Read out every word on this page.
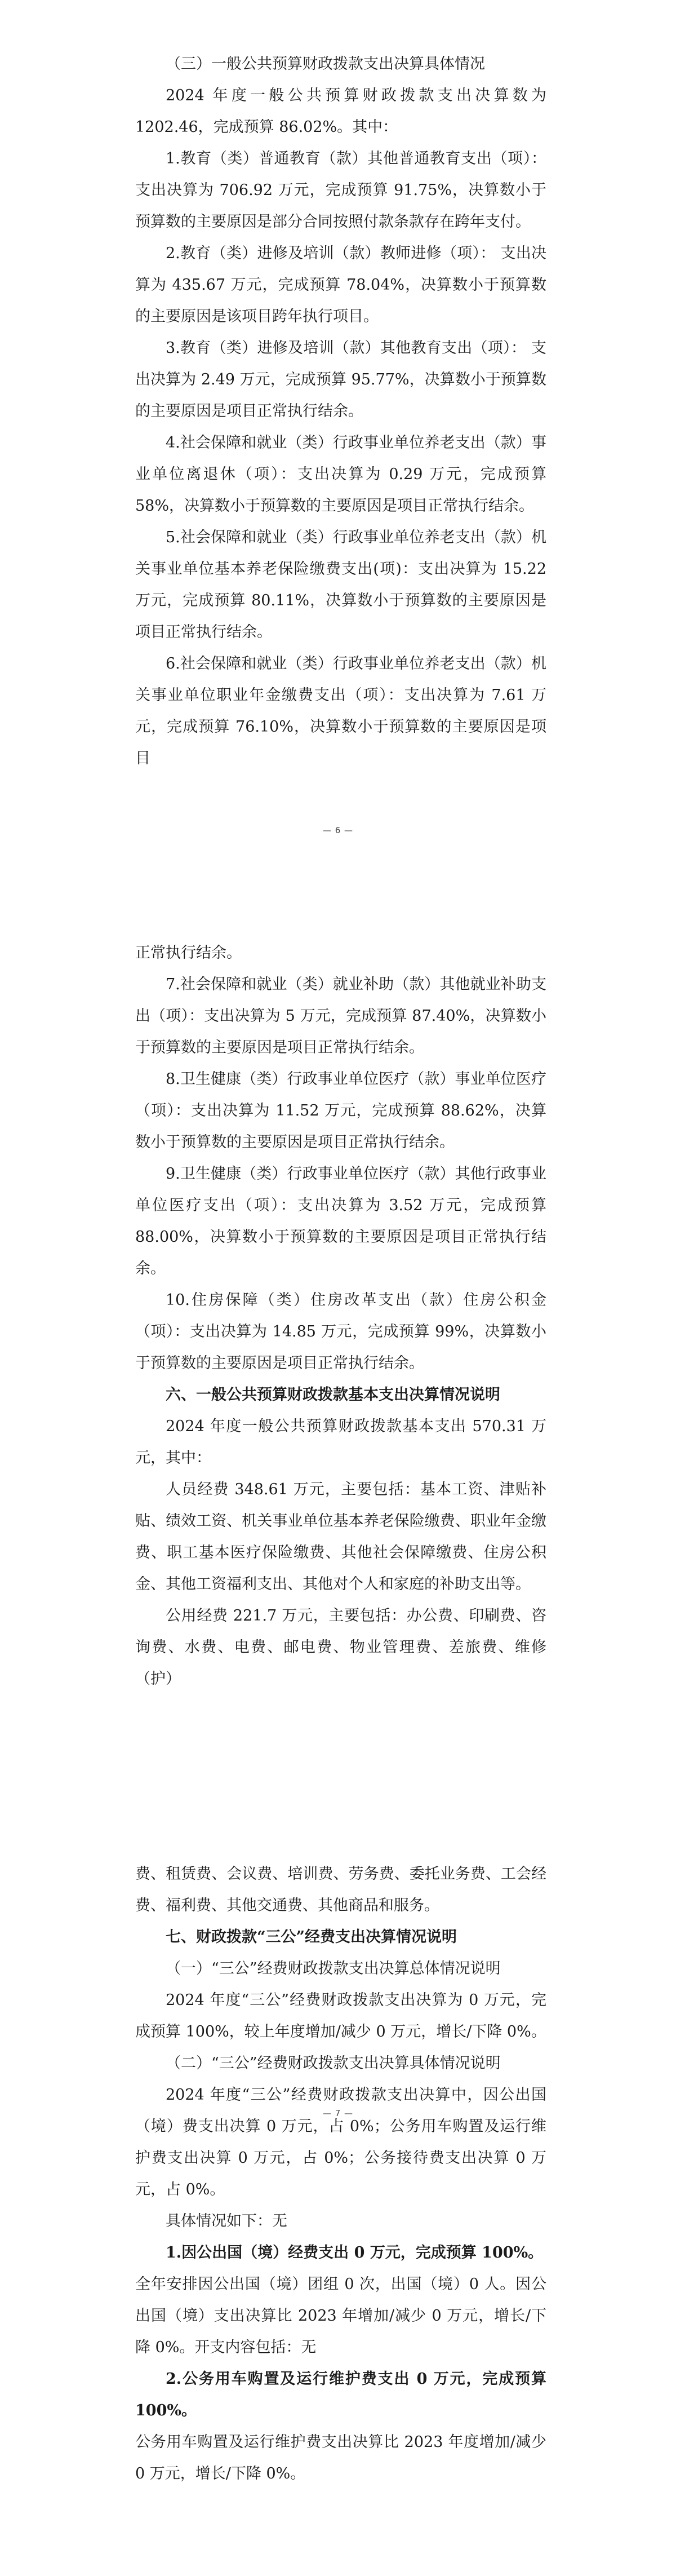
（三）一般公共预算财政拨款支出决算具体情况

2024 年度一般公共预算财政拨款支出决算数为 1202.46，完成预算 86.02%。其中：

1.教育（类）普通教育（款）其他普通教育支出（项）：支出决算为 706.92 万元，完成预算 91.75%，决算数小于预算数的主要原因是部分合同按照付款条款存在跨年支付。

2.教育（类）进修及培训（款）教师进修（项）： 支出决算为 435.67 万元，完成预算 78.04%，决算数小于预算数的主要原因是该项目跨年执行项目。

3.教育（类）进修及培训（款）其他教育支出（项）： 支出决算为 2.49 万元，完成预算 95.77%，决算数小于预算数的主要原因是项目正常执行结余。

4.社会保障和就业（类）行政事业单位养老支出（款）事业单位离退休（项）：支出决算为 0.29 万元，完成预算 58%，决算数小于预算数的主要原因是项目正常执行结余。

5.社会保障和就业（类）行政事业单位养老支出（款）机关事业单位基本养老保险缴费支出(项)：支出决算为 15.22 万元，完成预算 80.11%，决算数小于预算数的主要原因是项目正常执行结余。

6.社会保障和就业（类）行政事业单位养老支出（款）机关事业单位职业年金缴费支出（项）：支出决算为 7.61 万元，完成预算 76.10%，决算数小于预算数的主要原因是项目

— 6 —

正常执行结余。

7.社会保障和就业（类）就业补助（款）其他就业补助支出（项）：支出决算为 5 万元，完成预算 87.40%，决算数小于预算数的主要原因是项目正常执行结余。

8.卫生健康（类）行政事业单位医疗（款）事业单位医疗（项）：支出决算为 11.52 万元，完成预算 88.62%，决算数小于预算数的主要原因是项目正常执行结余。

9.卫生健康（类）行政事业单位医疗（款）其他行政事业单位医疗支出（项）：支出决算为 3.52 万元，完成预算 88.00%，决算数小于预算数的主要原因是项目正常执行结余。

10.住房保障（类）住房改革支出（款）住房公积金（项）：支出决算为 14.85 万元，完成预算 99%，决算数小于预算数的主要原因是项目正常执行结余。

六、一般公共预算财政拨款基本支出决算情况说明

2024 年度一般公共预算财政拨款基本支出 570.31 万元，其中：

人员经费 348.61 万元，主要包括：基本工资、津贴补贴、绩效工资、机关事业单位基本养老保险缴费、职业年金缴费、职工基本医疗保险缴费、其他社会保障缴费、住房公积金、其他工资福利支出、其他对个人和家庭的补助支出等。

公用经费 221.7 万元，主要包括：办公费、印刷费、咨询费、水费、电费、邮电费、物业管理费、差旅费、维修（护）

— 7 —

费、租赁费、会议费、培训费、劳务费、委托业务费、工会经费、福利费、其他交通费、其他商品和服务。

七、财政拨款“三公”经费支出决算情况说明

（一）“三公”经费财政拨款支出决算总体情况说明

2024 年度“三公”经费财政拨款支出决算为 0 万元，完成预算 100%，较上年度增加/减少 0 万元，增长/下降 0%。

（二）“三公”经费财政拨款支出决算具体情况说明

2024 年度“三公”经费财政拨款支出决算中，因公出国（境）费支出决算 0 万元，占 0%；公务用车购置及运行维护费支出决算 0 万元，占 0%；公务接待费支出决算 0 万元，占 0%。

具体情况如下：无

1.因公出国（境）经费支出 0 万元，完成预算 100%。

全年安排因公出国（境）团组 0 次，出国（境）0 人。因公出国（境）支出决算比 2023 年增加/减少 0 万元，增长/下降 0%。开支内容包括：无

2.公务用车购置及运行维护费支出 0 万元，完成预算 100%。

公务用车购置及运行维护费支出决算比 2023 年度增加/减少 0 万元，增长/下降 0%。
